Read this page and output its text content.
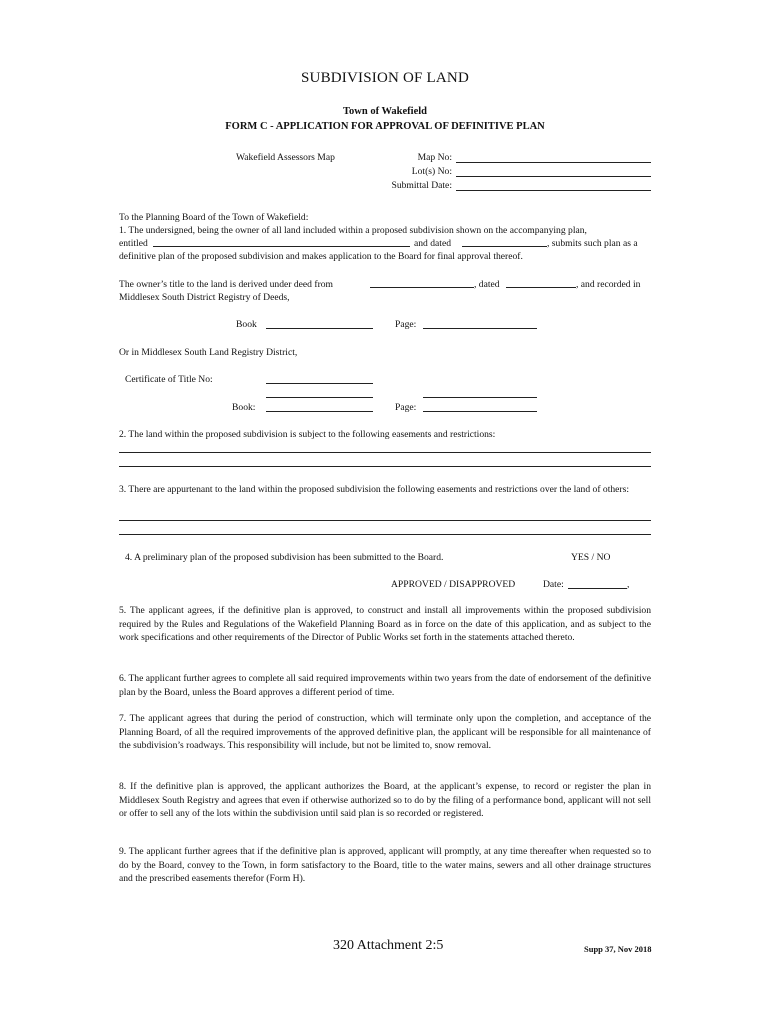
SUBDIVISION OF LAND
Town of Wakefield
FORM C - APPLICATION FOR APPROVAL OF DEFINITIVE PLAN
Wakefield Assessors Map	Map No:
Lot(s) No:
Submittal Date:
To the Planning Board of the Town of Wakefield:
1. The undersigned, being the owner of all land included within a proposed subdivision shown on the accompanying plan,
entitled	and dated	, submits such plan as a
definitive plan of the proposed subdivision and makes application to the Board for final approval thereof.
The owner’s title to the land is derived under deed from	, dated	, and recorded in
Middlesex South District Registry of Deeds,
Book	Page:
Or in Middlesex South Land Registry District,
Certificate of Title No:
Book:	Page:
2. The land within the proposed subdivision is subject to the following easements and restrictions:
3. There are appurtenant to the land within the proposed subdivision the following easements and restrictions over the land of others:
4. A preliminary plan of the proposed subdivision has been submitted to the Board.	YES / NO
APPROVED / DISAPPROVED	Date:	,
5. The applicant agrees, if the definitive plan is approved, to construct and install all improvements within the proposed subdivision required by the Rules and Regulations of the Wakefield Planning Board as in force on the date of this application, and as subject to the work specifications and other requirements of the Director of Public Works set forth in the statements attached thereto.
6. The applicant further agrees to complete all said required improvements within two years from the date of endorsement of the definitive plan by the Board, unless the Board approves a different period of time.
7. The applicant agrees that during the period of construction, which will terminate only upon the completion, and acceptance of the Planning Board, of all the required improvements of the approved definitive plan, the applicant will be responsible for all maintenance of the subdivision’s roadways. This responsibility will include, but not be limited to, snow removal.
8. If the definitive plan is approved, the applicant authorizes the Board, at the applicant’s expense, to record or register the plan in Middlesex South Registry and agrees that even if otherwise authorized so to do by the filing of a performance bond, applicant will not sell or offer to sell any of the lots within the subdivision until said plan is so recorded or registered.
9. The applicant further agrees that if the definitive plan is approved, applicant will promptly, at any time thereafter when requested so to do by the Board, convey to the Town, in form satisfactory to the Board, title to the water mains, sewers and all other drainage structures and the prescribed easements therefor (Form H).
320 Attachment 2:5	Supp 37, Nov 2018
